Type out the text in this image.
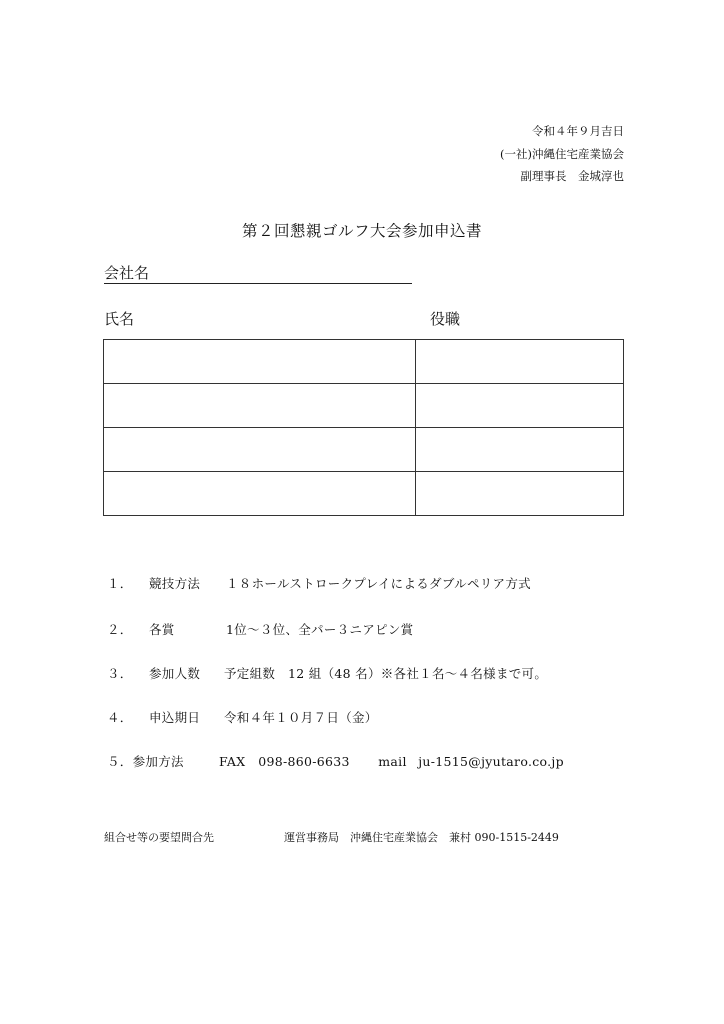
令和４年９月吉日
(一社)沖縄住宅産業協会
副理事長　金城淳也
第２回懇親ゴルフ大会参加申込書
会社名
氏名	役職

１． 競技方法 １８ホールストロークプレイによるダブルペリア方式
２． 各賞	1位～３位、全パー３ニアピン賞
３． 参加人数 予定組数　12 組（48 名）※各社１名～４名様まで可。
４． 申込期日 令和４年１０月７日（金）
５．参加方法	FAX　 098-860-6633 mail ju-1515@jyutaro.co.jp
組合せ等の要望問合先	運営事務局　沖縄住宅産業協会　兼村 090-1515-2449
